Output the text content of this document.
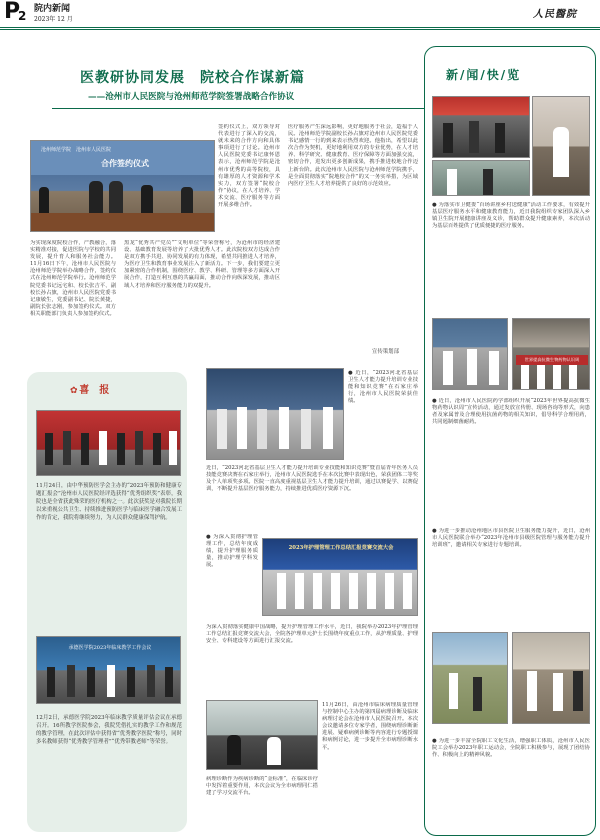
P
2 院内新闻
2023年 12 月	人民醫院
医教研协同发展　院校合作谋新篇
——沧州市人民医院与沧州师范学院签署战略合作协议
沧州师范学院　沧州市人民医院
合作签约仪式
为实现深度院校合作，产教融合，落实精准对接，促进医院与学校的共同发展，提升育人和服务社会能力。11月16日下午，沧州市人民医院与沧州师范学院举办战略合作，签约仪式在沧州师范学院举行。沧州师范学院党委书记远宅和、校长张吉平、副校长孙占旗，沧州市人民医院党委书记康敏生，党委副书记、院长黄捷，副院长张志刚，参加签约仪式。双方相关职能部门负责人参加签约仪式。
签约仪式上，双方领导对代表进行了深入的交流，就未来的合作方向和具体事项进行了讨论。沧州市人民医院党委书记康怀恩表示，沧州师范学院是沧州市优秀的高等院校，具有雄厚的人才资源和学术实力，双方签署“院校合作”协议，在人才培养、学术交流、医疗服务等方面开展多维合作。
黑龙“优秀共产党员”“文明单位”等荣誉称号，为沧州市的经济建设、基础教育发展等培养了大批优秀人才。此次院校双方达成合作是双方携手共进、协同发展的有力体现，希望共同推进人才培养，为医疗卫生和教育事业发展注入了新活力。下一步，我们要建立更加紧密的合作机制，围绕医疗、教学、科研、管理等多方面深入开展合作，打造互利互惠的共赢局面，推动合作向纵深发展，推动区域人才培养和医疗服务能力的双提升。
医疗服务产生深远影响，更好地服务于社会，造福于人民。沧州师范学院副校长孙占旗对沧州市人民医院党委书记感情一行的到来表示热烈欢迎。他指出，希望以此次合作为契机，更好地利用双方的专业优势，在人才培养、科学研究、健康教育、医疗保障等方面加强交流，密切合作，进发出更多创新成果，携手推进校地合作迈上新台阶。此次沧州市人民医院与沧州师范学院携手，是全面贯彻落实“院地校合作”的又一务实举措，为区域内医疗卫生人才培养提供了良好的示范效应。
宣传策划部
✿ 喜　报
11月24日，由中华预防医学会主办的“2023年预防和健康专题汇报会”沧州市人民医院经评选获得“优秀组织奖”表彰，我院也是全省获此殊荣的医疗机构之一。此次获奖是对我院长期以来重视公共卫生、持续推进预防医学与临床医学融合发展工作的肯定，我院将继续努力，为人民群众健康保驾护航。
承德医学院2023年临床教学工作会议
12月2日，承德医学院2023年临床教学质量评估会议在承德召开。16所教学医院参会，我院凭借扎实的教学工作和规范的教学管理，在此次评估中获得省“优秀教学医院”称号，同时多名教师获得“优秀教学管理者”“优秀带教老师”等荣誉。
近日，“2023河北省基层卫生人才能力提升培训专业技能和知识竞赛”暨首届青年医务人员技能竞赛决赛在石家庄举行，沧州市人民医院选手在本次比赛中表现出色，荣获团体二等奖及个人单项奖多项。医院一直高度重视基层卫生人才能力提升培训，通过以赛促学、以赛促训，不断提升基层医疗服务能力，持续推进优质医疗资源下沉。
● 近日，“2023河北省基层卫生人才能力提升培训专业技能和知识竞赛”在石家庄举行，沧州市人民医院荣获佳绩。
● 为深入贯彻护理管理工作，总结年度成绩，提升护理服务质量，推动护理学科发展。
2023年护理管理工作总结汇报竞赛交流大会
为深入贯彻落实健康中国战略，提升护理管理工作水平，近日，我院举办2023年护理管理工作总结汇报竞赛交流大会，全院各护理单元护士长围绕年度重点工作，从护理质量、护理安全、专科建设等方面进行汇报交流。
11月26日，由沧州市临床病理质量管理与控制中心主办的第四届病理诊断及临床病理讨论会在沧州市人民医院召开。本次会议邀请多位专家学者，围绕病理诊断新进展、疑难病例诊断等内容进行专题授课和病例讨论，进一步提升全市病理诊断水平。
病理诊断作为疾病诊断的“金标准”，在临床诊疗中发挥着重要作用，本次会议为全市病理同仁搭建了学习交流平台。
新/闻/快/览
● 为落实市卫健委“百场讲座乡村送健康”活动工作要求，有效提升基层医疗服务水平和健康教育能力，近日我院组织专家团队深入乡镇卫生院开展健康讲座及义诊，帮助群众提升健康素养，本次活动为基层百姓提供了优质便捷的医疗服务。
世界提高抗微生物药物认识周
● 近日，沧州市人民医院药学部组织开展“2023年世界提高抗微生物药物认识周”宣传活动，通过发放宣传册、现场咨询等形式，向患者及家属普及合理使用抗菌药物的相关知识，倡导科学合理用药，共同遏制细菌耐药。
● 为进一步推动沧州地区市县医院卫生服务能力提升，近日，沧州市人民医院联合举办“2023年沧州市县级医院管理与服务能力提升培训班”，邀请相关专家进行专题培训。
● 为进一步丰富全院职工文化生活，增强职工体质，沧州市人民医院工会举办2023年职工运动会，全院职工积极参与，展现了团结协作、积极向上的精神风貌。
